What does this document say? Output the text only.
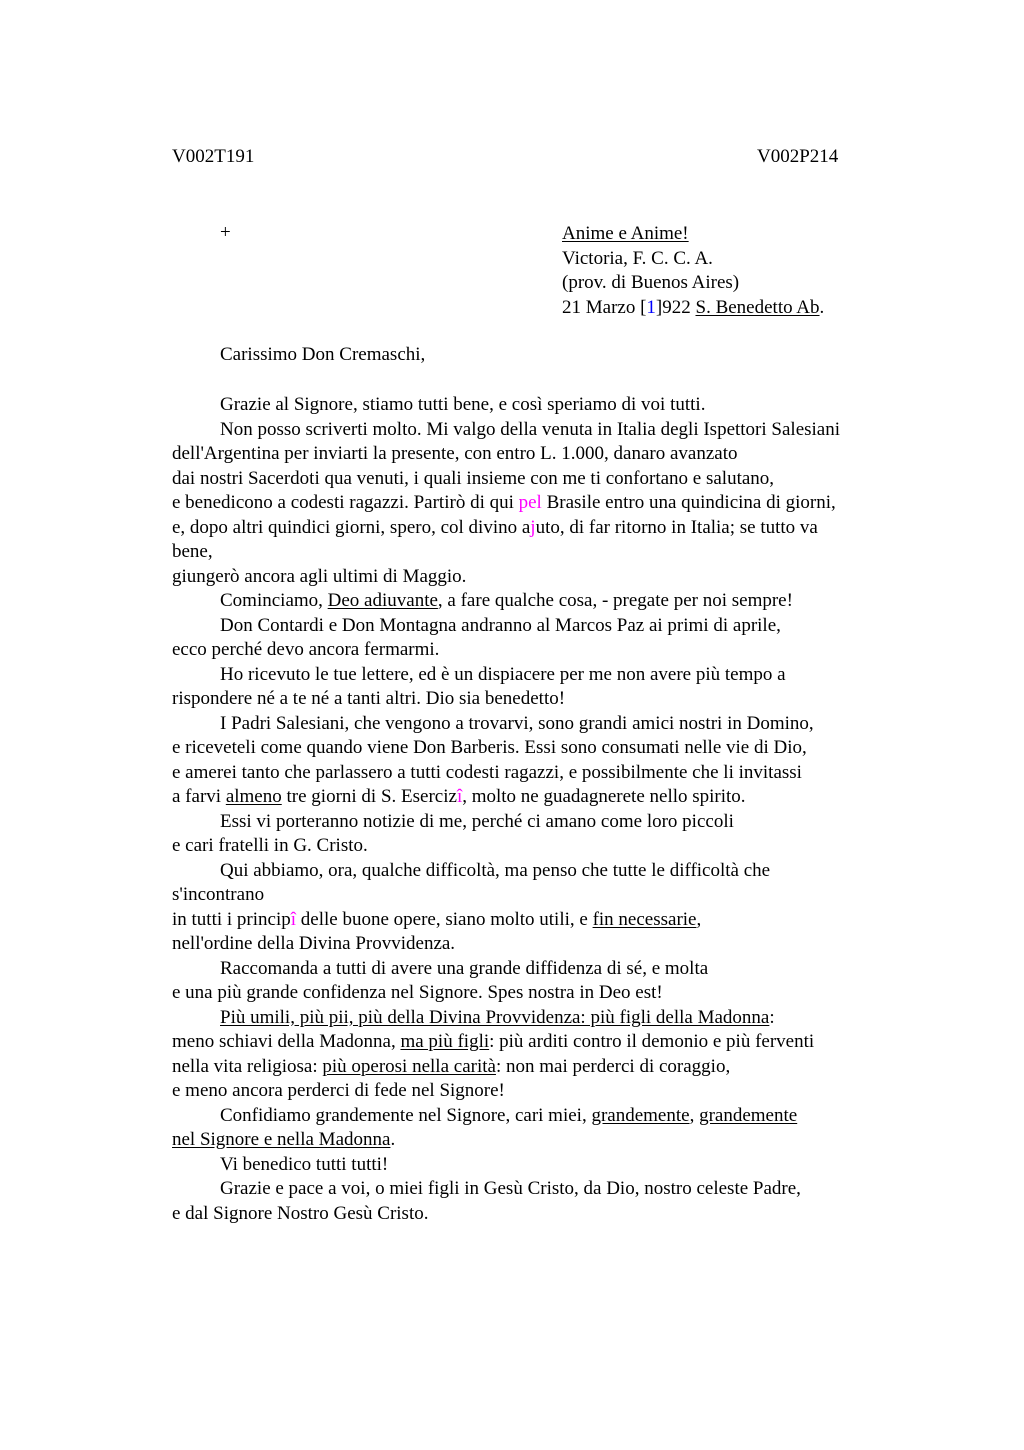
V002T191	V002P214
+	Anime e Anime!
Victoria, F. C. C. A.
(prov. di Buenos Aires)
21 Marzo [1]922 S. Benedetto Ab.
Carissimo Don Cremaschi,
Grazie al Signore, stiamo tutti bene, e così speriamo di voi tutti.
Non posso scriverti molto. Mi valgo della venuta in Italia degli Ispettori Salesiani
dell'Argentina per inviarti la presente, con entro L. 1.000, danaro avanzato
dai nostri Sacerdoti qua venuti, i quali insieme con me ti confortano e salutano,
e benedicono a codesti ragazzi. Partirò di qui pel Brasile entro una quindicina di giorni,
e, dopo altri quindici giorni, spero, col divino ajuto, di far ritorno in Italia; se tutto va
bene,
giungerò ancora agli ultimi di Maggio.
Cominciamo, Deo adiuvante, a fare qualche cosa, - pregate per noi sempre!
Don Contardi e Don Montagna andranno al Marcos Paz ai primi di aprile,
ecco perché devo ancora fermarmi.
Ho ricevuto le tue lettere, ed è un dispiacere per me non avere più tempo a
rispondere né a te né a tanti altri. Dio sia benedetto!
I Padri Salesiani, che vengono a trovarvi, sono grandi amici nostri in Domino,
e riceveteli come quando viene Don Barberis. Essi sono consumati nelle vie di Dio,
e amerei tanto che parlassero a tutti codesti ragazzi, e possibilmente che li invitassi
a farvi almeno tre giorni di S. Esercizî, molto ne guadagnerete nello spirito.
Essi vi porteranno notizie di me, perché ci amano come loro piccoli
e cari fratelli in G. Cristo.
Qui abbiamo, ora, qualche difficoltà, ma penso che tutte le difficoltà che
s'incontrano
in tutti i principî delle buone opere, siano molto utili, e fin necessarie,
nell'ordine della Divina Provvidenza.
Raccomanda a tutti di avere una grande diffidenza di sé, e molta
e una più grande confidenza nel Signore. Spes nostra in Deo est!
Più umili, più pii, più della Divina Provvidenza: più figli della Madonna:
meno schiavi della Madonna, ma più figli: più arditi contro il demonio e più ferventi
nella vita religiosa: più operosi nella carità: non mai perderci di coraggio,
e meno ancora perderci di fede nel Signore!
Confidiamo grandemente nel Signore, cari miei, grandemente, grandemente
nel Signore e nella Madonna.
Vi benedico tutti tutti!
Grazie e pace a voi, o miei figli in Gesù Cristo, da Dio, nostro celeste Padre,
e dal Signore Nostro Gesù Cristo.
